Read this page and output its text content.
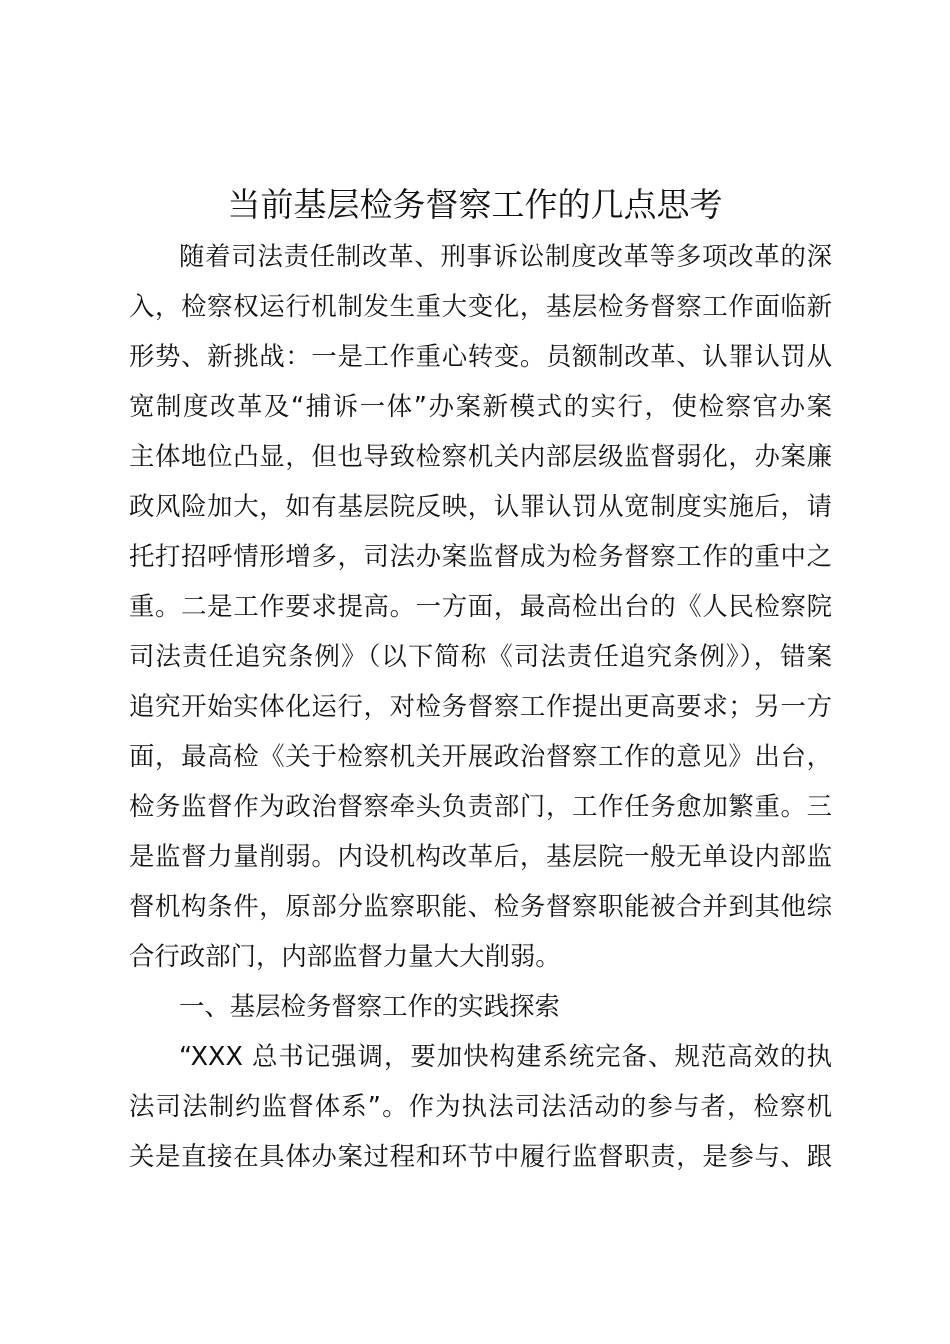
当前基层检务督察工作的几点思考
随着司法责任制改革、刑事诉讼制度改革等多项改革的深
入，检察权运行机制发生重大变化，基层检务督察工作面临新
形势、新挑战：一是工作重心转变。员额制改革、认罪认罚从
宽制度改革及“捕诉一体”办案新模式的实行，使检察官办案
主体地位凸显，但也导致检察机关内部层级监督弱化，办案廉
政风险加大，如有基层院反映，认罪认罚从宽制度实施后，请
托打招呼情形增多，司法办案监督成为检务督察工作的重中之
重。二是工作要求提高。一方面，最高检出台的《人民检察院
司法责任追究条例》（以下简称《司法责任追究条例》），错案
追究开始实体化运行，对检务督察工作提出更高要求；另一方
面，最高检《关于检察机关开展政治督察工作的意见》出台，
检务监督作为政治督察牵头负责部门，工作任务愈加繁重。三
是监督力量削弱。内设机构改革后，基层院一般无单设内部监
督机构条件，原部分监察职能、检务督察职能被合并到其他综
合行政部门，内部监督力量大大削弱。
一、基层检务督察工作的实践探索
“XXX 总书记强调，要加快构建系统完备、规范高效的执
法司法制约监督体系”。作为执法司法活动的参与者，检察机
关是直接在具体办案过程和环节中履行监督职责，是参与、跟
